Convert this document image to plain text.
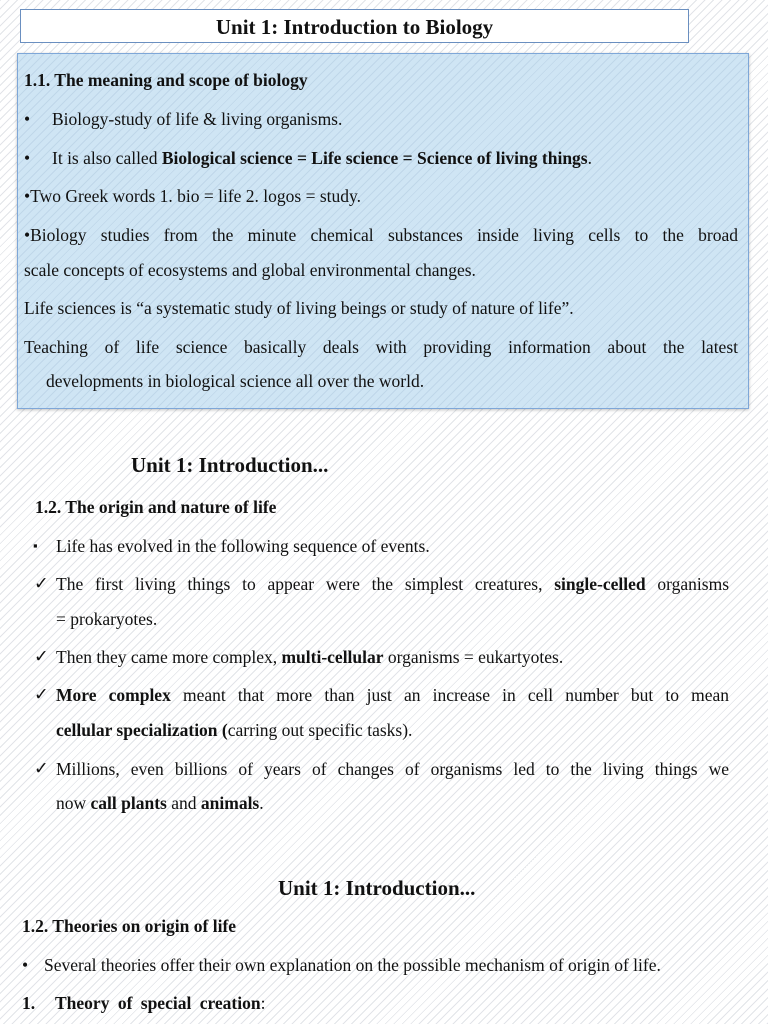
Unit 1: Introduction to Biology
1.1. The meaning and scope of biology
• Biology-study of life & living organisms.
• It is also called Biological science = Life science = Science of living things.
•Two Greek words 1. bio = life 2. logos = study.
•Biology studies from the minute chemical substances inside living cells to the broad
scale concepts of ecosystems and global environmental changes.
Life sciences is “a systematic study of living beings or study of nature of life”.
Teaching of life science basically deals with providing information about the latest
developments in biological science all over the world.
Unit 1: Introduction...
1.2. The origin and nature of life
▪ Life has evolved in the following sequence of events.
✓ The first living things to appear were the simplest creatures, single-celled organisms
= prokaryotes.
✓ Then they came more complex, multi-cellular organisms = eukartyotes.
✓ More complex meant that more than just an increase in cell number but to mean
cellular specialization (carring out specific tasks).
✓ Millions, even billions of years of changes of organisms led to the living things we
now call plants and animals.
Unit 1: Introduction...
1.2. Theories on origin of life
• Several theories offer their own explanation on the possible mechanism of origin of life.
1. Theory of special creation:
